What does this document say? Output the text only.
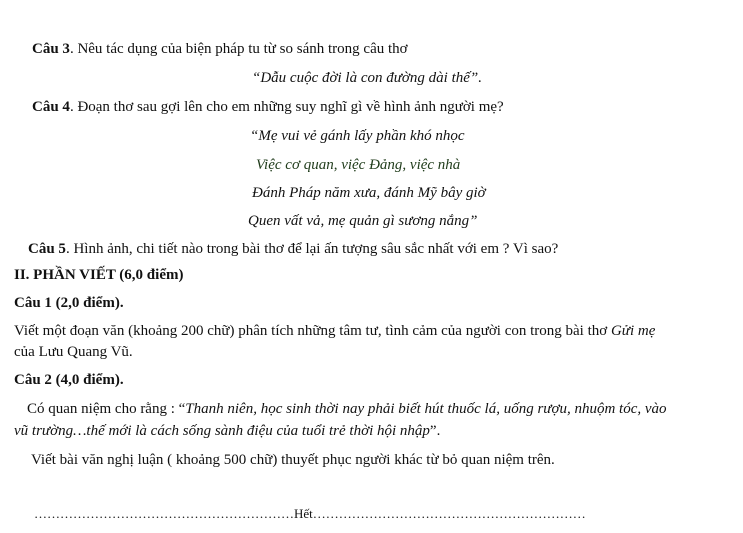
Câu 3. Nêu tác dụng của biện pháp tu từ so sánh trong câu thơ
“Dẫu cuộc đời là con đường dài thế”.
Câu 4. Đoạn thơ sau gợi lên cho em những suy nghĩ gì về hình ảnh người mẹ?
“Mẹ vui vẻ gánh lấy phần khó nhọc
Việc cơ quan, việc Đảng, việc nhà
Đánh Pháp năm xưa, đánh Mỹ bây giờ
Quen vất vả, mẹ quản gì sương nắng”
Câu 5. Hình ảnh, chi tiết nào trong bài thơ để lại ấn tượng sâu sắc nhất với em ? Vì sao?
II. PHẦN VIẾT (6,0 điểm)
Câu 1 (2,0 điểm).
Viết một đoạn văn (khoảng 200 chữ) phân tích những tâm tư, tình cảm của người con trong bài thơ Gửi mẹ
của Lưu Quang Vũ.
Câu 2 (4,0 điểm).
Có quan niệm cho rằng : “Thanh niên, học sinh thời nay phải biết hút thuốc lá, uống rượu, nhuộm tóc, vào
vũ trường…thế mới là cách sống sành điệu của tuổi trẻ thời hội nhập”.
Viết bài văn nghị luận ( khoảng 500 chữ) thuyết phục người khác từ bỏ quan niệm trên.
……………………………………………………Hết………………………………………………………
